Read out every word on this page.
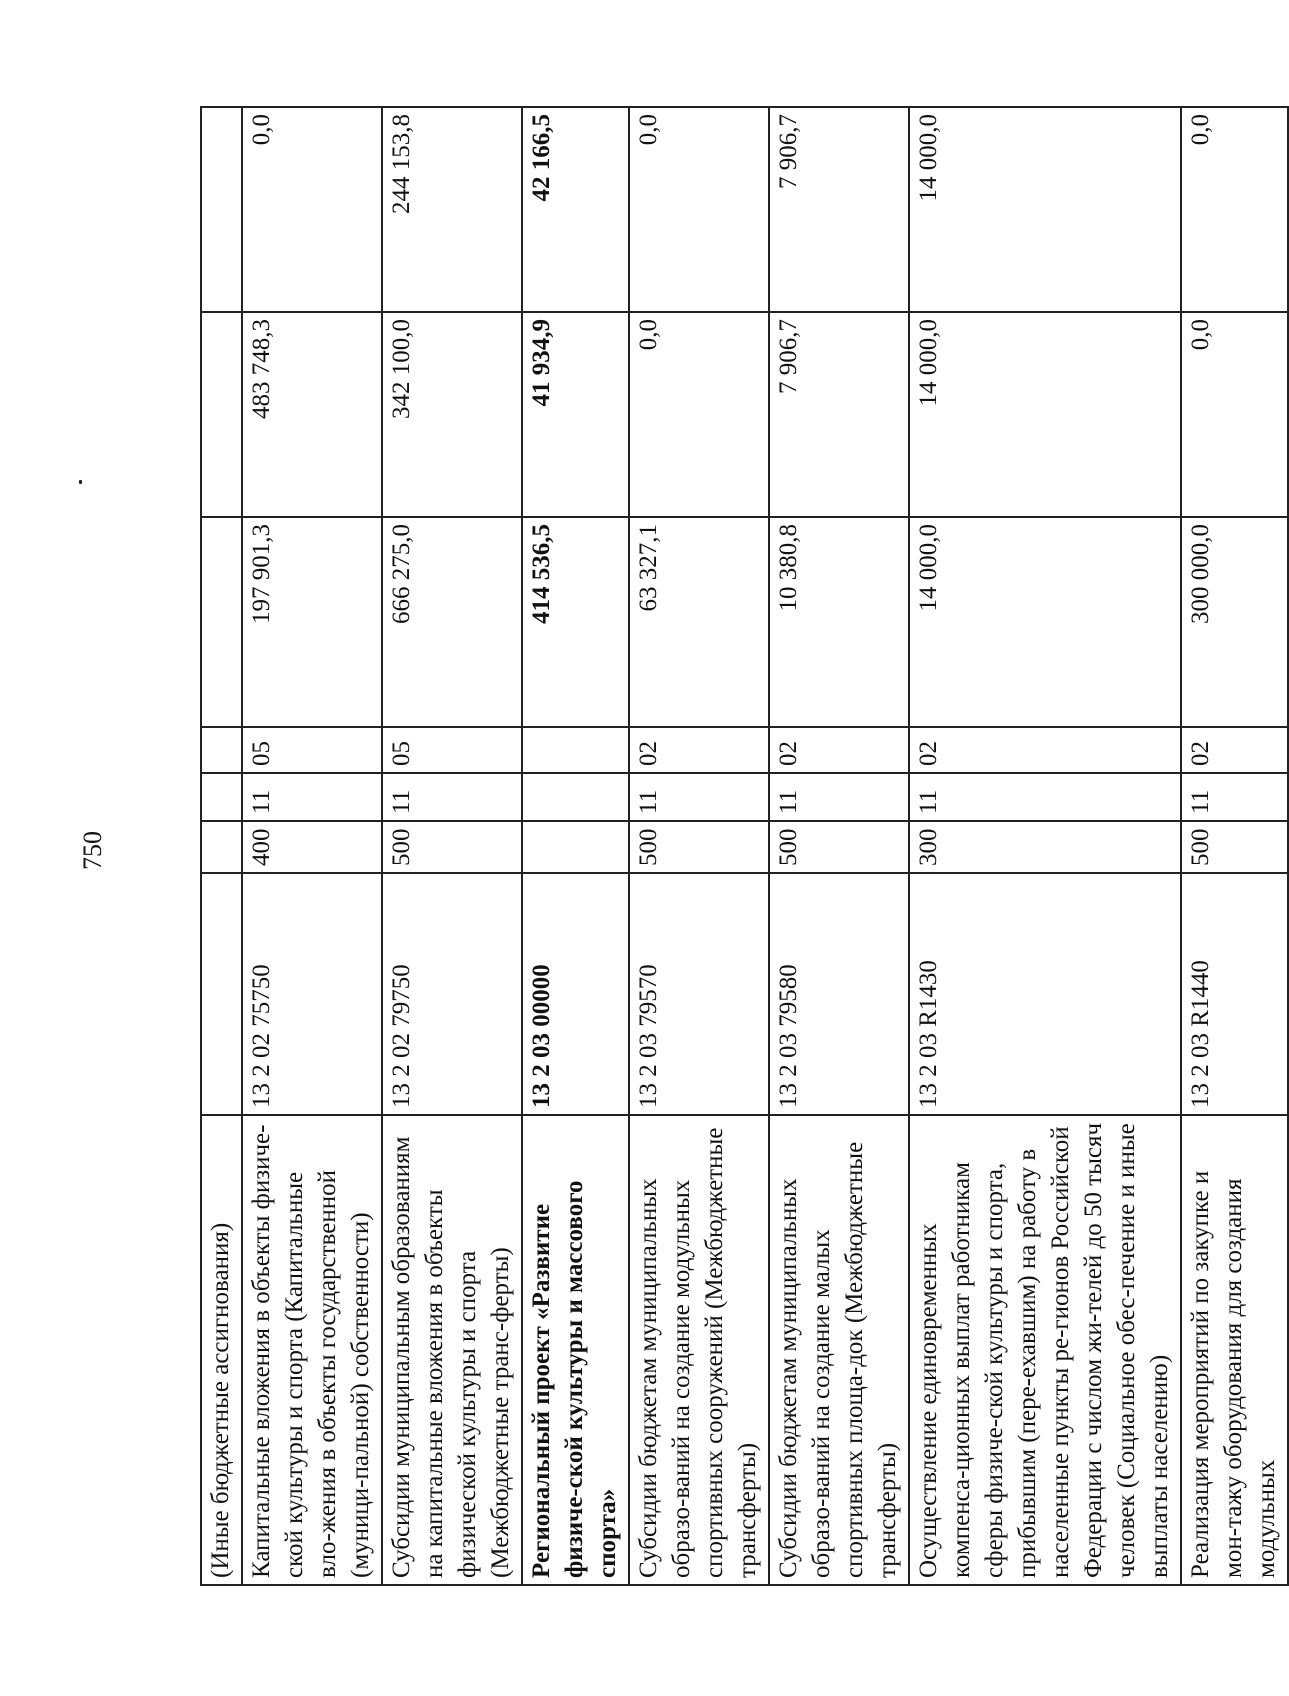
750
(Иные бюджетные ассигнования)							
Капитальные вложения в объекты физиче-ской культуры и спорта (Капитальные вло-жения в объекты государственной (муници-пальной) собственности)	13 2 02 75750	400	11	05	197 901,3	483 748,3	0,0
Субсидии муниципальным образованиям на капитальные вложения в объекты физической культуры и спорта (Межбюджетные транс-ферты)	13 2 02 79750	500	11	05	666 275,0	342 100,0	244 153,8
Региональный проект «Развитие физиче-ской культуры и массового спорта»	13 2 03 00000				414 536,5	41 934,9	42 166,5
Субсидии бюджетам муниципальных образо-ваний на создание модульных спортивных сооружений (Межбюджетные трансферты)	13 2 03 79570	500	11	02	63 327,1	0,0	0,0
Субсидии бюджетам муниципальных образо-ваний на создание малых спортивных площа-док (Межбюджетные трансферты)	13 2 03 79580	500	11	02	10 380,8	7 906,7	7 906,7
Осуществление единовременных компенса-ционных выплат работникам сферы физиче-ской культуры и спорта, прибывшим (пере-ехавшим) на работу в населенные пункты ре-гионов Российской Федерации с числом жи-телей до 50 тысяч человек (Социальное обес-печение и иные выплаты населению)	13 2 03 R1430	300	11	02	14 000,0	14 000,0	14 000,0
Реализация мероприятий по закупке и мон-тажу оборудования для создания модульных	13 2 03 R1440	500	11	02	300 000,0	0,0	0,0
